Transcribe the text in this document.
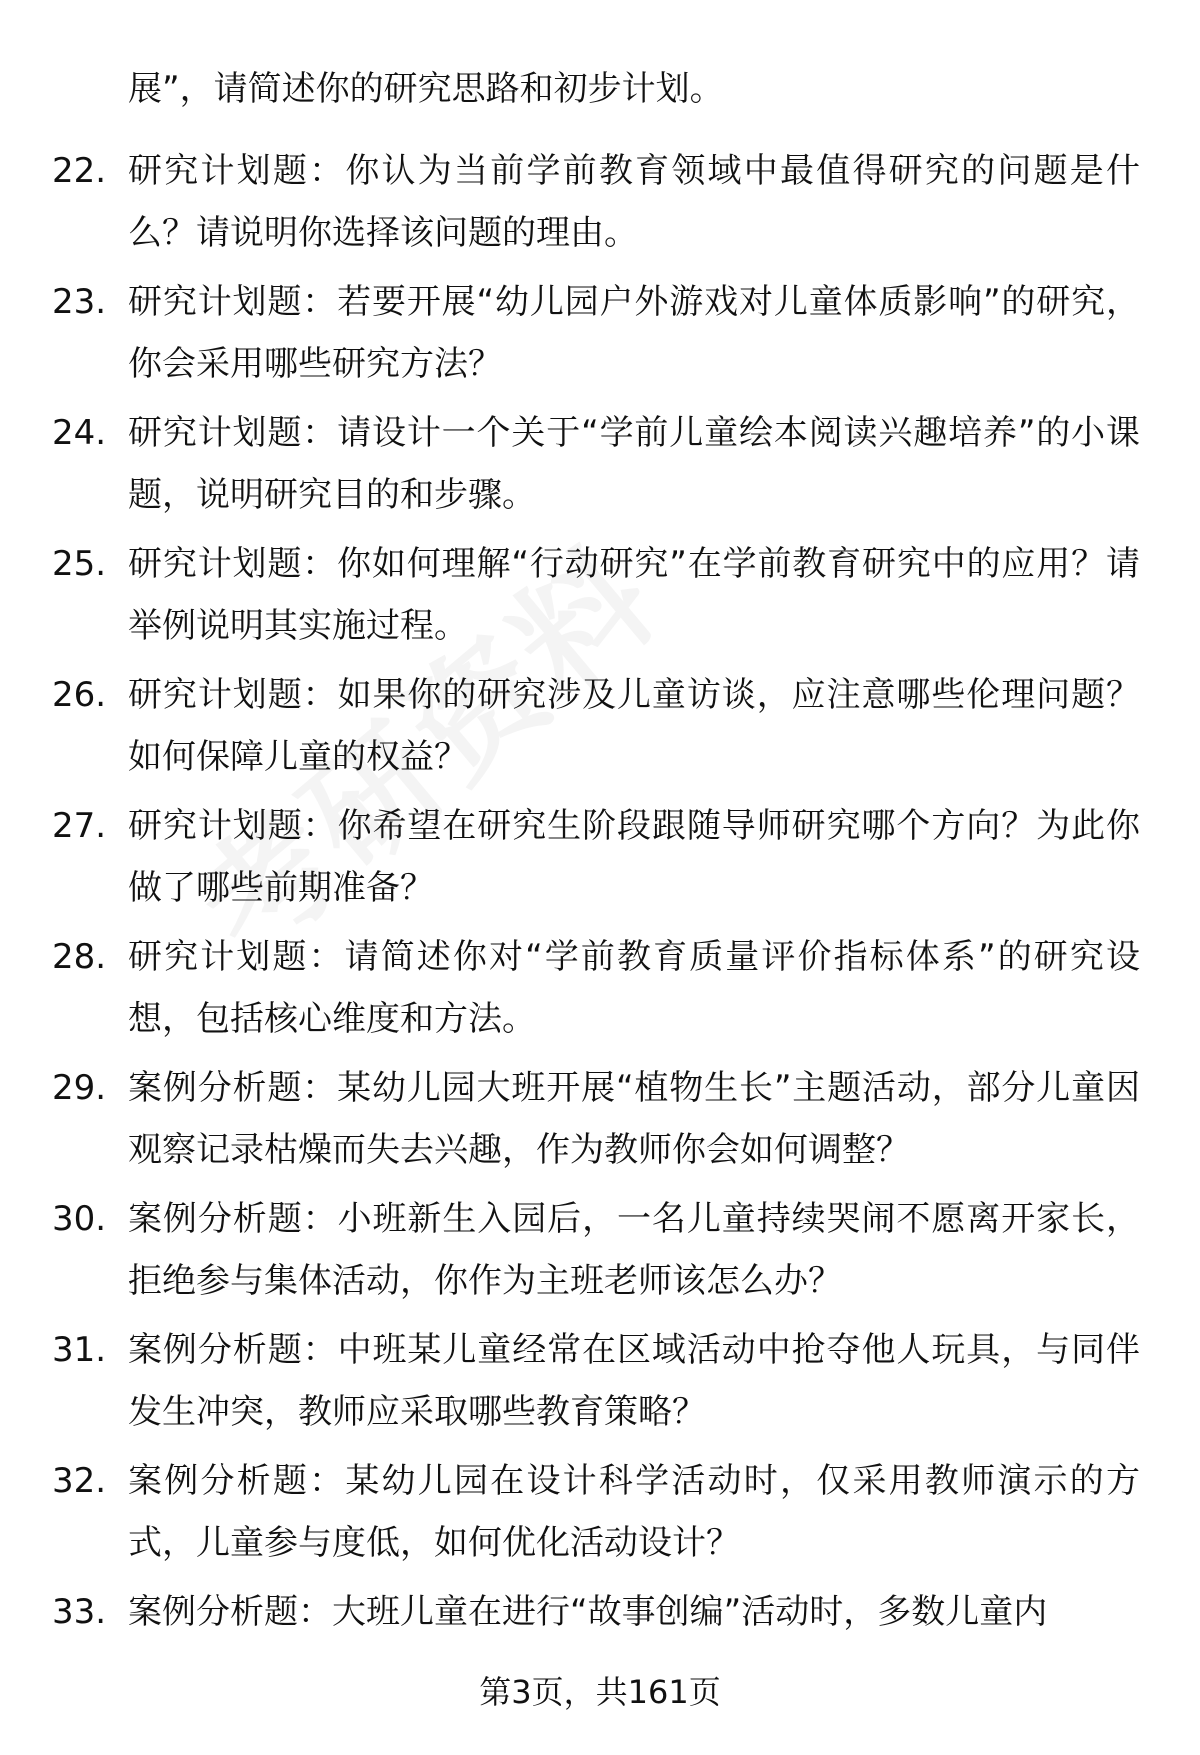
展”，请简述你的研究思路和初步计划。

22. 研究计划题：你认为当前学前教育领域中最值得研究的问题是什么？请说明你选择该问题的理由。
23. 研究计划题：若要开展“幼儿园户外游戏对儿童体质影响”的研究，你会采用哪些研究方法？
24. 研究计划题：请设计一个关于“学前儿童绘本阅读兴趣培养”的小课题，说明研究目的和步骤。
25. 研究计划题：你如何理解“行动研究”在学前教育研究中的应用？请举例说明其实施过程。
26. 研究计划题：如果你的研究涉及儿童访谈，应注意哪些伦理问题？如何保障儿童的权益？
27. 研究计划题：你希望在研究生阶段跟随导师研究哪个方向？为此你做了哪些前期准备？
28. 研究计划题：请简述你对“学前教育质量评价指标体系”的研究设想，包括核心维度和方法。
29. 案例分析题：某幼儿园大班开展“植物生长”主题活动，部分儿童因观察记录枯燥而失去兴趣，作为教师你会如何调整？
30. 案例分析题：小班新生入园后，一名儿童持续哭闹不愿离开家长，拒绝参与集体活动，你作为主班老师该怎么办？
31. 案例分析题：中班某儿童经常在区域活动中抢夺他人玩具，与同伴发生冲突，教师应采取哪些教育策略？
32. 案例分析题：某幼儿园在设计科学活动时，仅采用教师演示的方式，儿童参与度低，如何优化活动设计？
33. 案例分析题：大班儿童在进行“故事创编”活动时，多数儿童内
第3页，共161页
